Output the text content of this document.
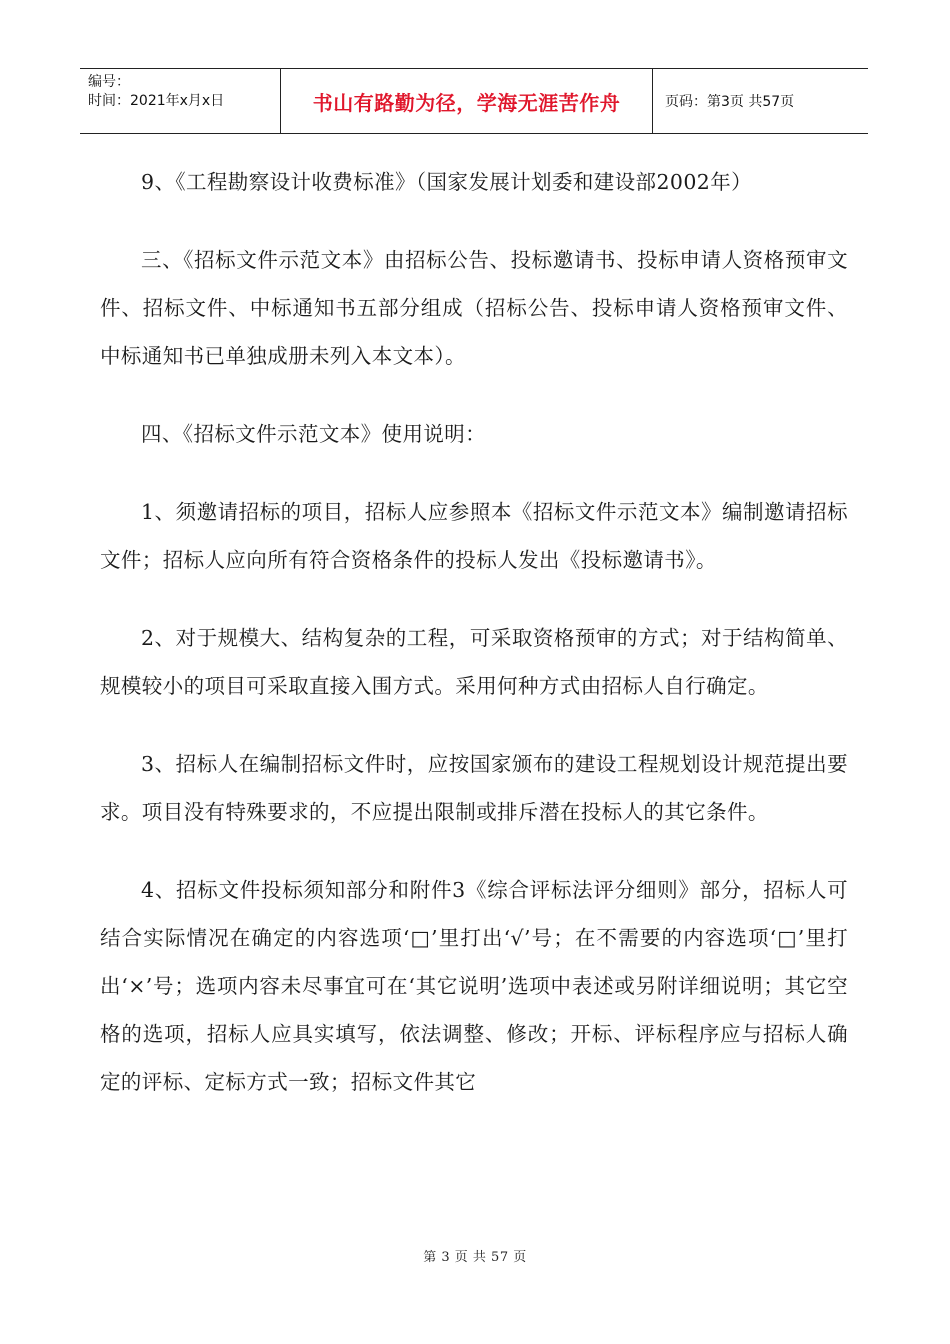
编号：
时间：2021年x月x日	书山有路勤为径，学海无涯苦作舟	页码：第3页 共57页

9、《工程勘察设计收费标准》（国家发展计划委和建设部2002年）

三、《招标文件示范文本》由招标公告、投标邀请书、投标申请人资格预审文件、招标文件、中标通知书五部分组成（招标公告、投标申请人资格预审文件、中标通知书已单独成册未列入本文本）。

四、《招标文件示范文本》使用说明：

1、须邀请招标的项目，招标人应参照本《招标文件示范文本》编制邀请招标文件；招标人应向所有符合资格条件的投标人发出《投标邀请书》。

2、对于规模大、结构复杂的工程，可采取资格预审的方式；对于结构简单、规模较小的项目可采取直接入围方式。采用何种方式由招标人自行确定。

3、招标人在编制招标文件时，应按国家颁布的建设工程规划设计规范提出要求。项目没有特殊要求的，不应提出限制或排斥潜在投标人的其它条件。

4、招标文件投标须知部分和附件3《综合评标法评分细则》部分，招标人可结合实际情况在确定的内容选项‘□’里打出‘√’号；在不需要的内容选项‘□’里打出‘×’号；选项内容未尽事宜可在‘其它说明’选项中表述或另附详细说明；其它空格的选项，招标人应具实填写，依法调整、修改；开标、评标程序应与招标人确定的评标、定标方式一致；招标文件其它

第 3 页 共 57 页
